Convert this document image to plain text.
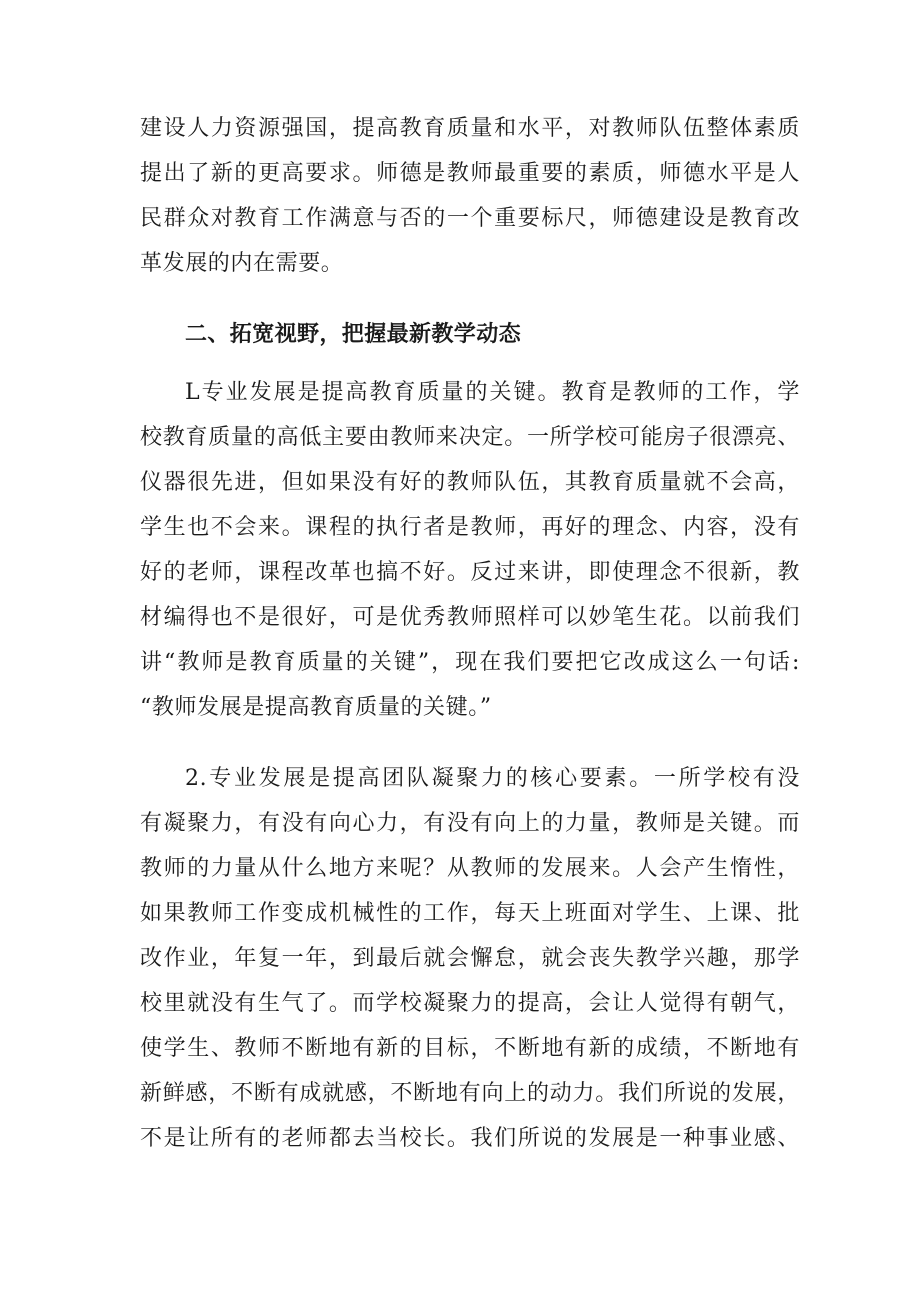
建设人力资源强国，提高教育质量和水平，对教师队伍整体素质
提出了新的更高要求。师德是教师最重要的素质，师德水平是人
民群众对教育工作满意与否的一个重要标尺，师德建设是教育改
革发展的内在需要。
二、拓宽视野，把握最新教学动态
L专业发展是提高教育质量的关键。教育是教师的工作，学
校教育质量的高低主要由教师来决定。一所学校可能房子很漂亮、
仪器很先进，但如果没有好的教师队伍，其教育质量就不会高，
学生也不会来。课程的执行者是教师，再好的理念、内容，没有
好的老师，课程改革也搞不好。反过来讲，即使理念不很新，教
材编得也不是很好，可是优秀教师照样可以妙笔生花。以前我们
讲“教师是教育质量的关键”，现在我们要把它改成这么一句话:
“教师发展是提高教育质量的关键。”
2.专业发展是提高团队凝聚力的核心要素。一所学校有没
有凝聚力，有没有向心力，有没有向上的力量，教师是关键。而
教师的力量从什么地方来呢？从教师的发展来。人会产生惰性，
如果教师工作变成机械性的工作，每天上班面对学生、上课、批
改作业，年复一年，到最后就会懈怠，就会丧失教学兴趣，那学
校里就没有生气了。而学校凝聚力的提高，会让人觉得有朝气，
使学生、教师不断地有新的目标，不断地有新的成绩，不断地有
新鲜感，不断有成就感，不断地有向上的动力。我们所说的发展，
不是让所有的老师都去当校长。我们所说的发展是一种事业感、
